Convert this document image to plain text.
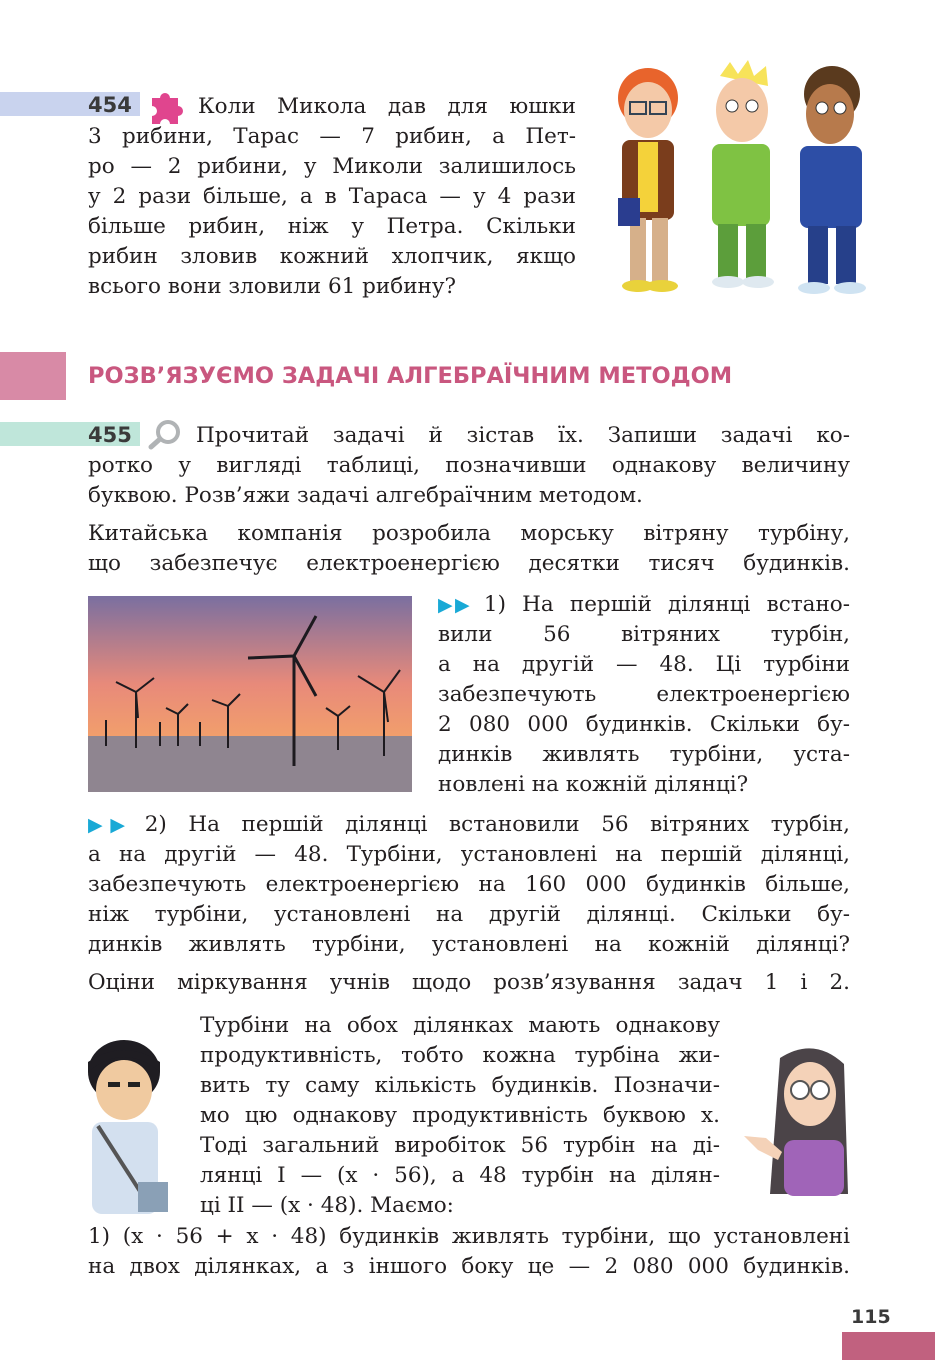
454	Коли Микола дав для юшки
3 рибини, Тарас — 7 рибин, а Пет-
ро — 2 рибини, у Миколи залишилось
у 2 рази більше, а в Тараса — у 4 рази
більше рибин, ніж у Петра. Скільки
рибин зловив кожний хлопчик, якщо
всього вони зловили 61 рибину?
РОЗВ’ЯЗУЄМО ЗАДАЧІ АЛГЕБРАЇЧНИМ МЕТОДОМ
455	Прочитай задачі й зістав їх. Запиши задачі ко-
ротко у вигляді таблиці, позначивши однакову величину
буквою. Розв’яжи задачі алгебраїчним методом.
Китайська компанія розробила морську вітряну турбіну,
що забезпечує електроенергією десятки тисяч будинків.
▶▶ 1) На першій ділянці встано-
вили 56 вітряних турбін,
а на другій — 48. Ці турбіни
забезпечують електроенергією
2 080 000 будинків. Скільки бу-
динків живлять турбіни, уста-
новлені на кожній ділянці?
▶▶ 2) На першій ділянці встановили 56 вітряних турбін,
а на другій — 48. Турбіни, установлені на першій ділянці,
забезпечують електроенергією на 160 000 будинків більше,
ніж турбіни, установлені на другій ділянці. Скільки бу-
динків живлять турбіни, установлені на кожній ділянці?
Оціни міркування учнів щодо розв’язування задач 1 і 2.
Турбіни на обох ділянках мають однакову
продуктивність, тобто кожна турбіна жи-
вить ту саму кількість будинків. Позначи-
мо цю однакову продуктивність буквою x.
Тоді загальний виробіток 56 турбін на ді-
лянці I — (x · 56), а 48 турбін на ділян-
ці II — (x · 48). Маємо:
1) (x · 56 + x · 48) будинків живлять турбіни, що установлені
на двох ділянках, а з іншого боку це — 2 080 000 будинків.
115
